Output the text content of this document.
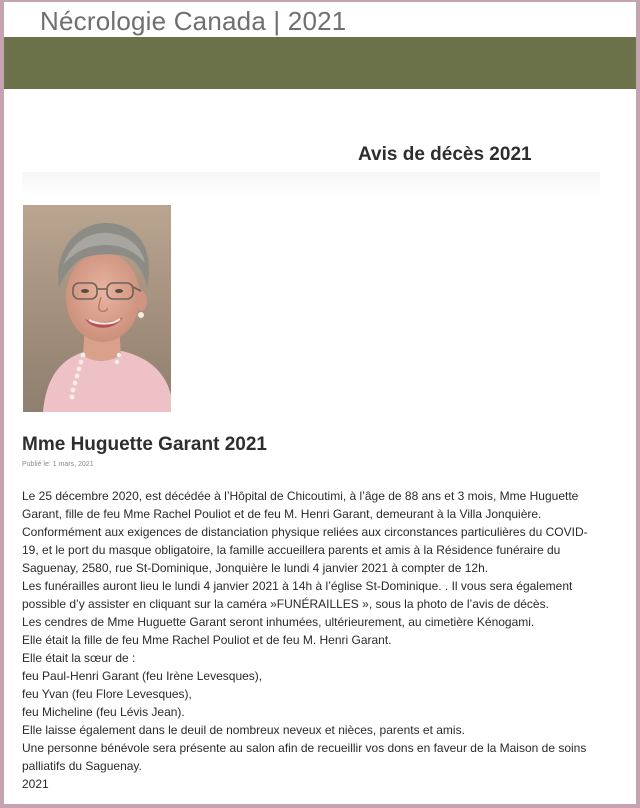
Nécrologie Canada | 2021
Avis de décès 2021
Mme Huguette Garant 2021
Publié le: 1 mars, 2021

Le 25 décembre 2020, est décédée à l’Hôpital de Chicoutimi, à l’âge de 88 ans et 3 mois, Mme Huguette Garant, fille de feu Mme Rachel Pouliot et de feu M. Henri Garant, demeurant à la Villa Jonquière.

Conformément aux exigences de distanciation physique reliées aux circonstances particulières du COVID-19, et le port du masque obligatoire, la famille accueillera parents et amis à la Résidence funéraire du Saguenay, 2580, rue St-Dominique, Jonquière le lundi 4 janvier 2021 à compter de 12h.

Les funérailles auront lieu le lundi 4 janvier 2021 à 14h à l’église St-Dominique. . Il vous sera également possible d’y assister en cliquant sur la caméra »FUNÉRAILLES », sous la photo de l’avis de décès.

Les cendres de Mme Huguette Garant seront inhumées, ultérieurement, au cimetière Kénogami.

Elle était la fille de feu Mme Rachel Pouliot et de feu M. Henri Garant.

Elle était la sœur de :

feu Paul-Henri Garant (feu Irène Levesques),

feu Yvan (feu Flore Levesques),

feu Micheline (feu Lévis Jean).

Elle laisse également dans le deuil de nombreux neveux et nièces, parents et amis.

Une personne bénévole sera présente au salon afin de recueillir vos dons en faveur de la Maison de soins palliatifs du Saguenay.

2021
